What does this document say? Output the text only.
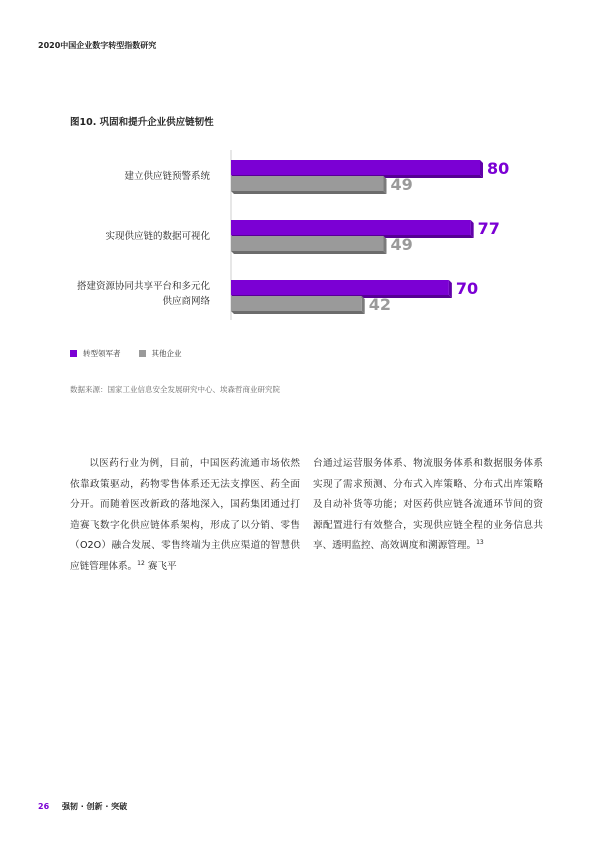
2020中国企业数字转型指数研究
图10. 巩固和提升企业供应链韧性
建立供应链预警系统	80
49
实现供应链的数据可视化	77
49
搭建资源协同共享平台和多元化
供应商网络
70
42
转型领军者	其他企业
数据来源：国家工业信息安全发展研究中心、埃森哲商业研究院

以医药行业为例，目前，中国医药流通市场依然依靠政策驱动，药物零售体系还无法支撑医、药全面分开。而随着医改新政的落地深入，国药集团通过打造赛飞数字化供应链体系架构，形成了以分销、零售（O2O）融合发展、零售终端为主供应渠道的智慧供应链管理体系。$^{12}$ 赛飞平

台通过运营服务体系、物流服务体系和数据服务体系实现了需求预测、分布式入库策略、分布式出库策略及自动补货等功能；对医药供应链各流通环节间的资源配置进行有效整合，实现供应链全程的业务信息共享、透明监控、高效调度和溯源管理。$^{13}$

26 强韧 · 创新 · 突破
